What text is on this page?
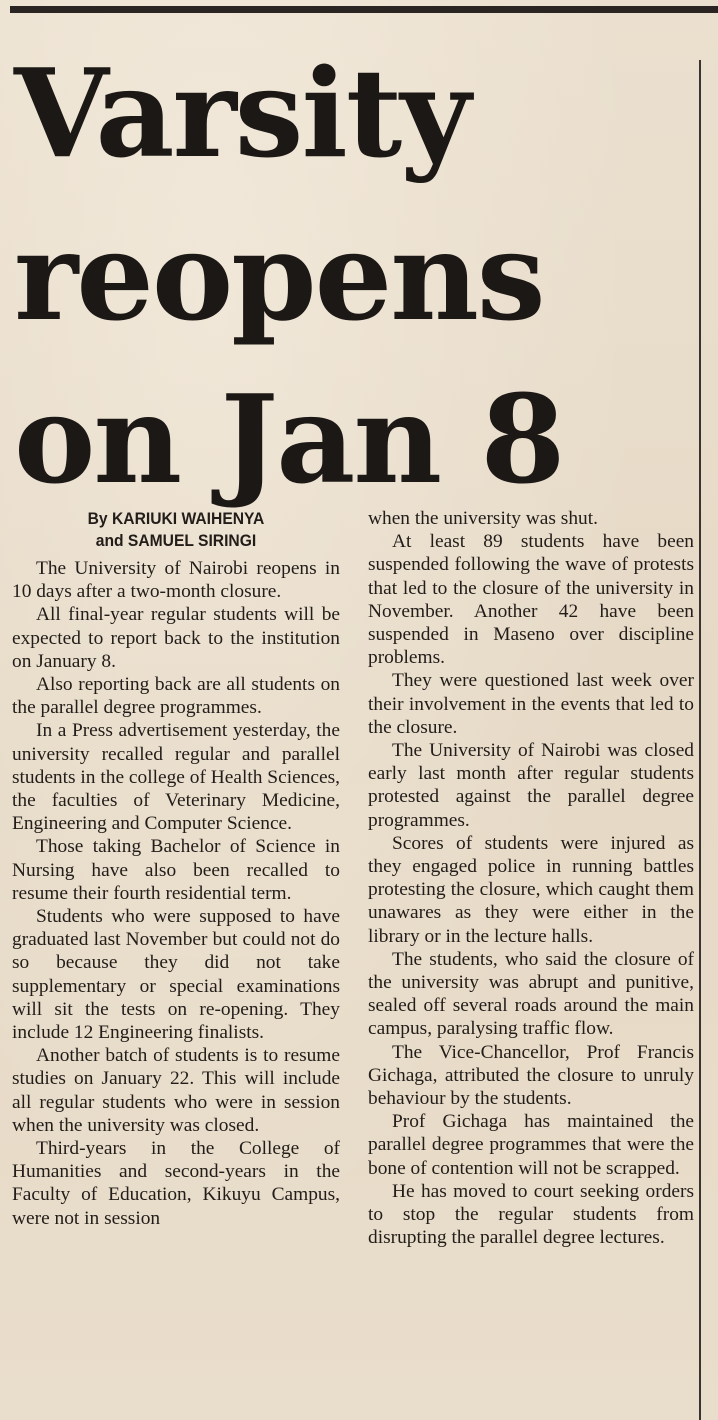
Varsity
reopens
on Jan 8
By KARIUKI WAIHENYA
and SAMUEL SIRINGI

The University of Nairobi reopens in 10 days after a two-month closure.

All final-year regular students will be expected to report back to the institution on January 8.

Also reporting back are all students on the parallel degree programmes.

In a Press advertisement yesterday, the university recalled regular and parallel students in the college of Health Sciences, the faculties of Veterinary Medicine, Engineering and Computer Science.

Those taking Bachelor of Science in Nursing have also been recalled to resume their fourth residential term.

Students who were supposed to have graduated last November but could not do so because they did not take supplementary or special examinations will sit the tests on re-opening. They include 12 Engineering finalists.

Another batch of students is to resume studies on January 22. This will include all regular students who were in session when the university was closed.

Third-years in the College of Humanities and second-years in the Faculty of Education, Kikuyu Campus, were not in session

when the university was shut.

At least 89 students have been suspended following the wave of protests that led to the closure of the university in November. Another 42 have been suspended in Maseno over discipline problems.

They were questioned last week over their involvement in the events that led to the closure.

The University of Nairobi was closed early last month after regular students protested against the parallel degree programmes.

Scores of students were injured as they engaged police in running battles protesting the closure, which caught them unawares as they were either in the library or in the lecture halls.

The students, who said the closure of the university was abrupt and punitive, sealed off several roads around the main campus, paralysing traffic flow.

The Vice-Chancellor, Prof Francis Gichaga, attributed the closure to unruly behaviour by the students.

Prof Gichaga has maintained the parallel degree programmes that were the bone of contention will not be scrapped.

He has moved to court seeking orders to stop the regular students from disrupting the parallel degree lectures.
